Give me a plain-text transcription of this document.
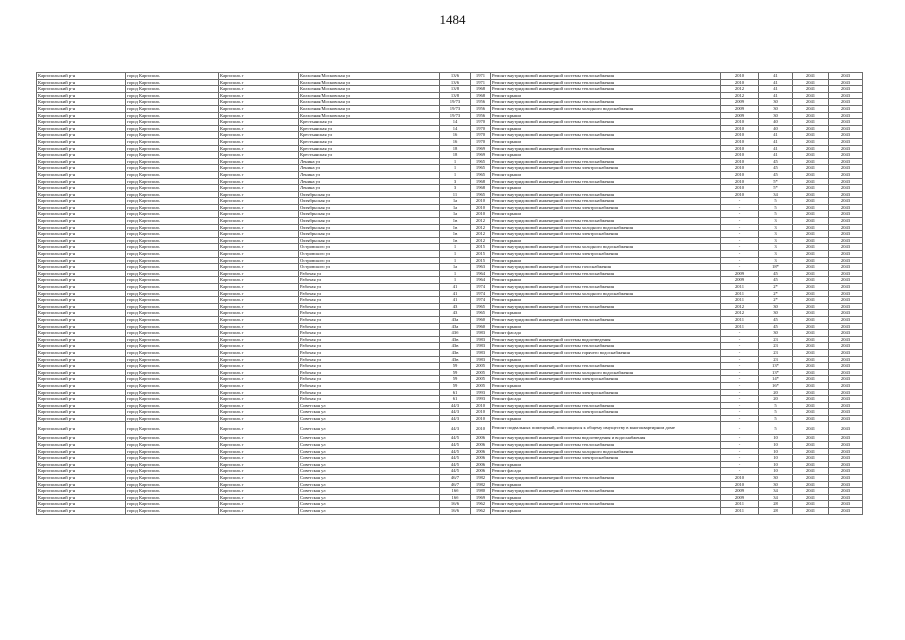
1484
Каргопольский р-н	город Каргополь	Каргополь г	Колхозная/Московская ул	13/6	1971	Ремонт внутридомовой инженерной системы теплоснабжения	2010	41	2041	2043
Каргопольский р-н	город Каргополь	Каргополь г	Колхозная/Московская ул	13/6	1971	Ремонт внутридомовой инженерной системы теплоснабжения	2010	41	2041	2043
Каргопольский р-н	город Каргополь	Каргополь г	Колхозная/Московская ул	13/8	1968	Ремонт внутридомовой инженерной системы теплоснабжения	2012	41	2041	2043
Каргопольский р-н	город Каргополь	Каргополь г	Колхозная/Московская ул	13/8	1968	Ремонт крыши	2012	41	2041	2043
Каргопольский р-н	город Каргополь	Каргополь г	Колхозная/Московская ул	19/73	1956	Ремонт внутридомовой инженерной системы теплоснабжения	2009	30	2041	2043
Каргопольский р-н	город Каргополь	Каргополь г	Колхозная/Московская ул	19/73	1956	Ремонт внутридомовой инженерной системы холодного водоснабжения	2009	30	2041	2043
Каргопольский р-н	город Каргополь	Каргополь г	Колхозная/Московская ул	19/73	1956	Ремонт крыши	2009	30	2041	2043
Каргопольский р-н	город Каргополь	Каргополь г	Крестьянская ул	14	1970	Ремонт внутридомовой инженерной системы теплоснабжения	2010	40	2041	2043
Каргопольский р-н	город Каргополь	Каргополь г	Крестьянская ул	14	1970	Ремонт крыши	2010	40	2041	2043
Каргопольский р-н	город Каргополь	Каргополь г	Крестьянская ул	16	1970	Ремонт внутридомовой инженерной системы теплоснабжения	2010	41	2041	2043
Каргопольский р-н	город Каргополь	Каргополь г	Крестьянская ул	16	1970	Ремонт крыши	2010	41	2041	2043
Каргопольский р-н	город Каргополь	Каргополь г	Крестьянская ул	18	1969	Ремонт внутридомовой инженерной системы теплоснабжения	2010	41	2041	2043
Каргопольский р-н	город Каргополь	Каргополь г	Крестьянская ул	18	1969	Ремонт крыши	2010	41	2041	2043
Каргопольский р-н	город Каргополь	Каргополь г	Ленина ул	1	1965	Ремонт внутридомовой инженерной системы теплоснабжения	2010	45	2041	2043
Каргопольский р-н	город Каргополь	Каргополь г	Ленина ул	1	1965	Ремонт внутридомовой инженерной системы электроснабжения	2010	45	2041	2043
Каргопольский р-н	город Каргополь	Каргополь г	Ленина ул	1	1965	Ремонт крыши	2010	45	2041	2043
Каргопольский р-н	город Каргополь	Каргополь г	Ленина ул	3	1968	Ремонт внутридомовой инженерной системы теплоснабжения	2010	5*	2041	2043
Каргопольский р-н	город Каргополь	Каргополь г	Ленина ул	3	1968	Ремонт крыши	2010	5*	2041	2043
Каргопольский р-н	город Каргополь	Каргополь г	Октябрьская ул	11	1965	Ремонт внутридомовой инженерной системы теплоснабжения	2010	34	2041	2043
Каргопольский р-н	город Каргополь	Каргополь г	Октябрьская ул	1а	2010	Ремонт внутридомовой инженерной системы теплоснабжения	-	5	2041	2043
Каргопольский р-н	город Каргополь	Каргополь г	Октябрьская ул	1а	2010	Ремонт внутридомовой инженерной системы электроснабжения	-	5	2041	2043
Каргопольский р-н	город Каргополь	Каргополь г	Октябрьская ул	1а	2010	Ремонт крыши	-	5	2041	2043
Каргопольский р-н	город Каргополь	Каргополь г	Октябрьская ул	1в	2012	Ремонт внутридомовой инженерной системы теплоснабжения	-	3	2041	2043
Каргопольский р-н	город Каргополь	Каргополь г	Октябрьская ул	1в	2012	Ремонт внутридомовой инженерной системы холодного водоснабжения	-	3	2041	2043
Каргопольский р-н	город Каргополь	Каргополь г	Октябрьская ул	1в	2012	Ремонт внутридомовой инженерной системы электроснабжения	-	3	2041	2043
Каргопольский р-н	город Каргополь	Каргополь г	Октябрьская ул	1в	2012	Ремонт крыши	-	3	2041	2043
Каргопольский р-н	город Каргополь	Каргополь г	Островского ул	1	2015	Ремонт внутридомовой инженерной системы холодного водоснабжения	-	3	2041	2043
Каргопольский р-н	город Каргополь	Каргополь г	Островского ул	1	2015	Ремонт внутридомовой инженерной системы электроснабжения	-	3	2041	2043
Каргопольский р-н	город Каргополь	Каргополь г	Островского ул	1	2015	Ремонт крыши	-	3	2041	2043
Каргопольский р-н	город Каргополь	Каргополь г	Островского ул	1а	1963	Ремонт внутридомовой инженерной системы газоснабжения	-	18*	2041	2043
Каргопольский р-н	город Каргополь	Каргополь г	Рабочая ул	1	1964	Ремонт внутридомовой инженерной системы теплоснабжения	2009	45	2041	2043
Каргопольский р-н	город Каргополь	Каргополь г	Рабочая ул	1	1964	Ремонт крыши	2009	45	2041	2043
Каргопольский р-н	город Каргополь	Каргополь г	Рабочая ул	41	1974	Ремонт внутридомовой инженерной системы теплоснабжения	2011	2*	2041	2043
Каргопольский р-н	город Каргополь	Каргополь г	Рабочая ул	41	1974	Ремонт внутридомовой инженерной системы холодного водоснабжения	2011	2*	2041	2043
Каргопольский р-н	город Каргополь	Каргополь г	Рабочая ул	41	1974	Ремонт крыши	2011	2*	2041	2043
Каргопольский р-н	город Каргополь	Каргополь г	Рабочая ул	43	1965	Ремонт внутридомовой инженерной системы теплоснабжения	2012	30	2041	2043
Каргопольский р-н	город Каргополь	Каргополь г	Рабочая ул	43	1965	Ремонт крыши	2012	30	2041	2043
Каргопольский р-н	город Каргополь	Каргополь г	Рабочая ул	43а	1960	Ремонт внутридомовой инженерной системы теплоснабжения	2011	45	2041	2043
Каргопольский р-н	город Каргополь	Каргополь г	Рабочая ул	43а	1960	Ремонт крыши	2011	45	2041	2043
Каргопольский р-н	город Каргополь	Каргополь г	Рабочая ул	43б	1983	Ремонт фасада	-	30	2041	2043
Каргопольский р-н	город Каргополь	Каргополь г	Рабочая ул	43в	1983	Ремонт внутридомовой инженерной системы водоотведения	-	23	2041	2043
Каргопольский р-н	город Каргополь	Каргополь г	Рабочая ул	43в	1983	Ремонт внутридомовой инженерной системы теплоснабжения	-	23	2041	2043
Каргопольский р-н	город Каргополь	Каргополь г	Рабочая ул	43в	1983	Ремонт внутридомовой инженерной системы горячего водоснабжения	-	23	2041	2043
Каргопольский р-н	город Каргополь	Каргополь г	Рабочая ул	43в	1983	Ремонт крыши	-	23	2041	2043
Каргопольский р-н	город Каргополь	Каргополь г	Рабочая ул	59	2005	Ремонт внутридомовой инженерной системы теплоснабжения	-	13*	2041	2043
Каргопольский р-н	город Каргополь	Каргополь г	Рабочая ул	59	2005	Ремонт внутридомовой инженерной системы холодного водоснабжения	-	13*	2041	2043
Каргопольский р-н	город Каргополь	Каргополь г	Рабочая ул	59	2005	Ремонт внутридомовой инженерной системы электроснабжения	-	14*	2041	2043
Каргопольский р-н	город Каргополь	Каргополь г	Рабочая ул	59	2005	Ремонт крыши	-	16*	2041	2043
Каргопольский р-н	город Каргополь	Каргополь г	Рабочая ул	61	1993	Ремонт внутридомовой инженерной системы электроснабжения	-	20	2041	2043
Каргопольский р-н	город Каргополь	Каргополь г	Рабочая ул	61	1993	Ремонт фасада	-	20	2041	2043
Каргопольский р-н	город Каргополь	Каргополь г	Советская ул	44/3	2010	Ремонт внутридомовой инженерной системы теплоснабжения	-	5	2041	2043
Каргопольский р-н	город Каргополь	Каргополь г	Советская ул	44/3	2010	Ремонт внутридомовой инженерной системы электроснабжения	-	5	2041	2043
Каргопольский р-н	город Каргополь	Каргополь г	Советская ул	44/3	2010	Ремонт крыши	-	5	2041	2043
Каргопольский р-н	город Каргополь	Каргополь г	Советская ул	44/3	2010	Ремонт подвальных помещений, относящихся к общему имуществу в многоквартирном доме	-	5	2041	2043
Каргопольский р-н	город Каргополь	Каргополь г	Советская ул	44/5	2006	Ремонт внутридомовой инженерной системы водоотведения и водоснабжения	-	10	2041	2043
Каргопольский р-н	город Каргополь	Каргополь г	Советская ул	44/5	2006	Ремонт внутридомовой инженерной системы теплоснабжения	-	10	2041	2043
Каргопольский р-н	город Каргополь	Каргополь г	Советская ул	44/5	2006	Ремонт внутридомовой инженерной системы холодного водоснабжения	-	10	2041	2043
Каргопольский р-н	город Каргополь	Каргополь г	Советская ул	44/5	2006	Ремонт внутридомовой инженерной системы электроснабжения	-	10	2041	2043
Каргопольский р-н	город Каргополь	Каргополь г	Советская ул	44/5	2006	Ремонт крыши	-	10	2041	2043
Каргопольский р-н	город Каргополь	Каргополь г	Советская ул	44/5	2006	Ремонт фасада	-	10	2041	2043
Каргопольский р-н	город Каргополь	Каргополь г	Советская ул	46/7	1982	Ремонт внутридомовой инженерной системы теплоснабжения	2010	30	2041	2043
Каргопольский р-н	город Каргополь	Каргополь г	Советская ул	46/7	1982	Ремонт крыши	2010	30	2041	2043
Каргопольский р-н	город Каргополь	Каргополь г	Советская ул	16б	1980	Ремонт внутридомовой инженерной системы теплоснабжения	2009	34	2041	2043
Каргопольский р-н	город Каргополь	Каргополь г	Советская ул	16б	1969	Ремонт крыши	2009	34	2041	2043
Каргопольский р-н	город Каргополь	Каргополь г	Советская ул	16/6	1962	Ремонт внутридомовой инженерной системы теплоснабжения	2011	28	2041	2043
Каргопольский р-н	город Каргополь	Каргополь г	Советская ул	16/6	1962	Ремонт крыши	2011	28	2041	2043
